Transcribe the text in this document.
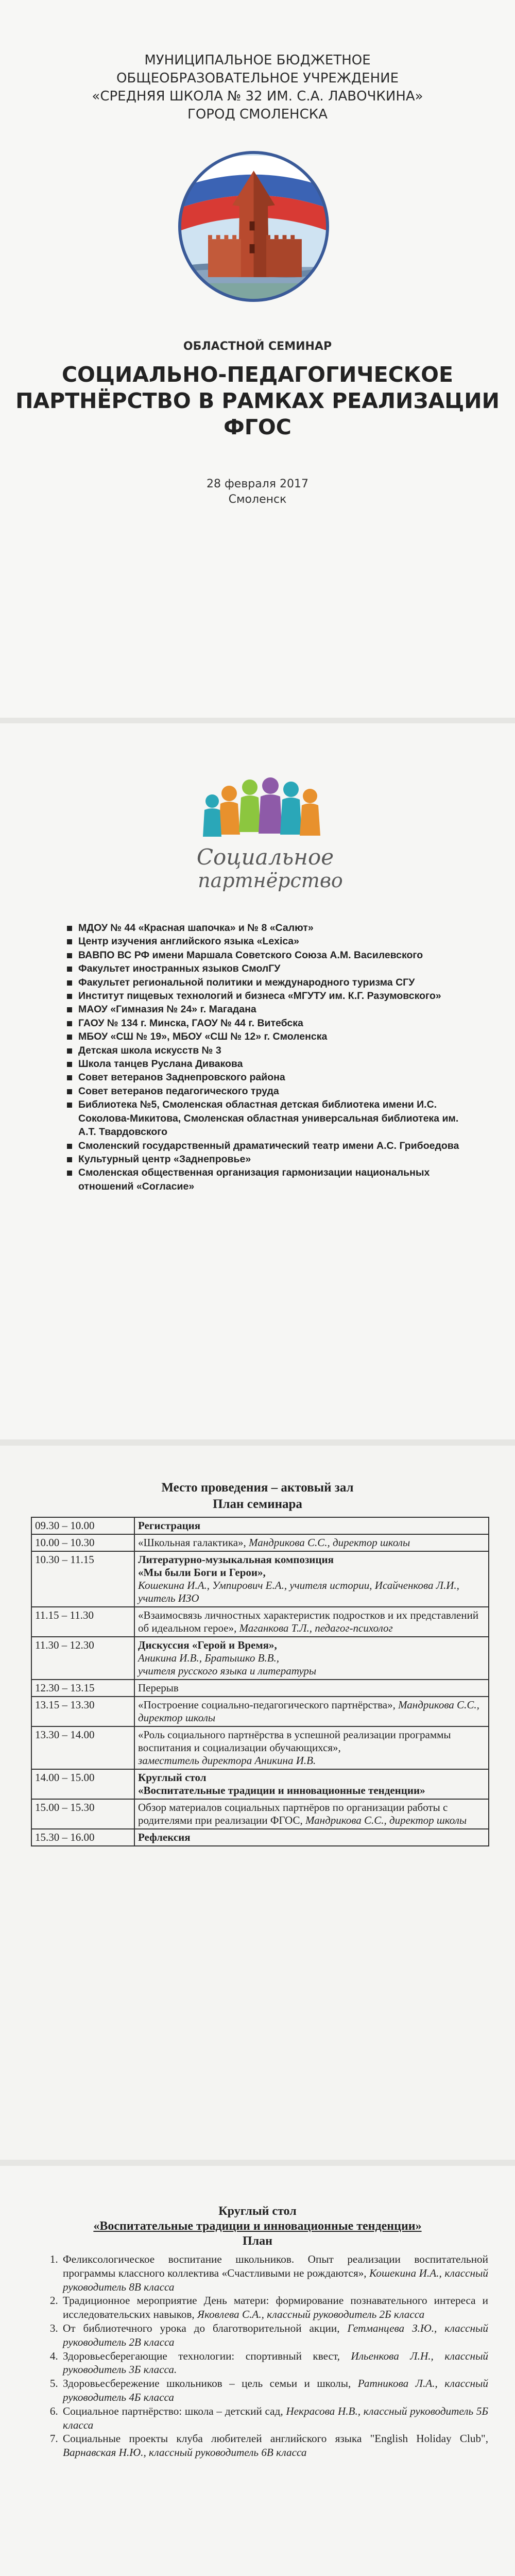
МУНИЦИПАЛЬНОЕ БЮДЖЕТНОЕ
ОБЩЕОБРАЗОВАТЕЛЬНОЕ УЧРЕЖДЕНИЕ
«СРЕДНЯЯ ШКОЛА № 32 ИМ. С.А. ЛАВОЧКИНА»
ГОРОД СМОЛЕНСКА
ОБЛАСТНОЙ СЕМИНАР
СОЦИАЛЬНО-ПЕДАГОГИЧЕСКОЕ
ПАРТНЁРСТВО В РАМКАХ РЕАЛИЗАЦИИ
ФГОС
28 февраля 2017
Смоленск
Социальное
партнёрство
МДОУ № 44 «Красная шапочка» и № 8 «Салют»
Центр изучения английского языка «Lexica»
ВАВПО ВС РФ имени Маршала Советского Союза А.М. Василевского
Факультет иностранных языков СмолГУ
Факультет региональной политики и международного туризма СГУ
Институт пищевых технологий и бизнеса «МГУТУ им. К.Г. Разумовского»
МАОУ «Гимназия № 24» г. Магадана
ГАОУ № 134 г. Минска, ГАОУ № 44 г. Витебска
МБОУ «СШ № 19», МБОУ «СШ № 12» г. Смоленска
Детская школа искусств № 3
Школа танцев Руслана Дивакова
Совет ветеранов Заднепровского района
Совет ветеранов педагогического труда
Библиотека №5, Смоленская областная детская библиотека имени И.С. Соколова-Микитова, Смоленская областная универсальная библиотека им. А.Т. Твардовского
Смоленский государственный драматический театр имени А.С. Грибоедова
Культурный центр «Заднепровье»
Смоленская общественная организация гармонизации национальных отношений «Согласие»
Место проведения – актовый зал
План семинара
09.30 – 10.00	Регистрация
10.00 – 10.30	«Школьная галактика», Мандрикова С.С., директор школы
10.30 – 11.15	Литературно-музыкальная композиция
«Мы были Боги и Герои»,
Кошекина И.А., Умпирович Е.А., учителя истории, Исайченкова Л.И., учитель ИЗО
11.15 – 11.30	«Взаимосвязь личностных характеристик подростков и их представлений об идеальном герое», Маганкова Т.Л., педагог-психолог
11.30 – 12.30	Дискуссия «Герой и Время»,
Аникина И.В., Братышко В.В.,
учителя русского языка и литературы
12.30 – 13.15	Перерыв
13.15 – 13.30	«Построение социально-педагогического партнёрства», Мандрикова С.С., директор школы
13.30 – 14.00	«Роль социального партнёрства в успешной реализации программы воспитания и социализации обучающихся»,
заместитель директора Аникина И.В.
14.00 – 15.00	Круглый стол
«Воспитательные традиции и инновационные тенденции»
15.00 – 15.30	Обзор материалов социальных партнёров по организации работы с родителями при реализации ФГОС, Мандрикова С.С., директор школы
15.30 – 16.00	Рефлексия
Круглый стол
«Воспитательные традиции и инновационные тенденции»
План
1. Феликсологическое воспитание школьников. Опыт реализации воспитательной программы классного коллектива «Счастливыми не рождаются», Кошекина И.А., классный руководитель 8В класса
2. Традиционное мероприятие День матери: формирование познавательного интереса и исследовательских навыков, Яковлева С.А., классный руководитель 2Б класса
3. От библиотечного урока до благотворительной акции, Гетманцева З.Ю., классный руководитель 2В класса
4. Здоровьесберегающие технологии: спортивный квест, Ильенкова Л.Н., классный руководитель 3Б класса.
5. Здоровьесбережение школьников – цель семьи и школы, Ратникова Л.А., классный руководитель 4Б класса
6. Социальное партнёрство: школа – детский сад, Некрасова Н.В., классный руководитель 5Б класса
7. Социальные проекты клуба любителей английского языка "English Holiday Club", Варнавская Н.Ю., классный руководитель 6В класса
